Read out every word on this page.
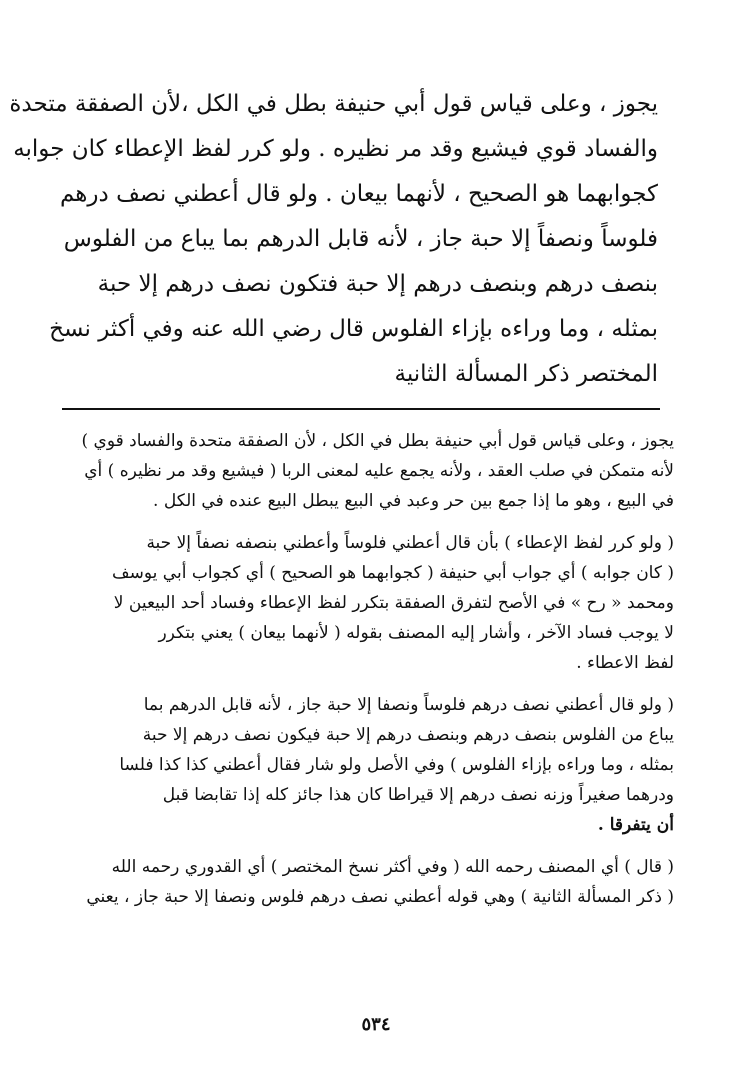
يجوز ، وعلى قياس قول أبي حنيفة بطل في الكل ،لأن الصفقة متحدة
والفساد قوي فيشيع وقد مر نظيره . ولو كرر لفظ الإعطاء كان جوابه
كجوابهما هو الصحيح ، لأنهما بيعان . ولو قال أعطني نصف درهم
فلوساً ونصفاً إلا حبة جاز ، لأنه قابل الدرهم بما يباع من الفلوس
بنصف درهم وبنصف درهم إلا حبة فتكون نصف درهم إلا حبة
بمثله ، وما وراءه بإزاء الفلوس قال رضي الله عنه وفي أكثر نسخ
المختصر ذكر المسألة الثانية
يجوز ، وعلى قياس قول أبي حنيفة بطل في الكل ، لأن الصفقة متحدة والفساد قوي )
لأنه متمكن في صلب العقد ، ولأنه يجمع عليه لمعنى الربا ( فيشيع وقد مر نظيره ) أي
في البيع ، وهو ما إذا جمع بين حر وعبد في البيع يبطل البيع عنده في الكل .
( ولو كرر لفظ الإعطاء ) بأن قال أعطني فلوساً وأعطني بنصفه نصفاً إلا حبة
( كان جوابه ) أي جواب أبي حنيفة ( كجوابهما هو الصحيح ) أي كجواب أبي يوسف
ومحمد « رح » في الأصح لتفرق الصفقة بتكرر لفظ الإعطاء وفساد أحد البيعين لا
لا يوجب فساد الآخر ، وأشار إليه المصنف بقوله ( لأنهما بيعان ) يعني بتكرر
لفظ الاعطاء .
( ولو قال أعطني نصف درهم فلوساً ونصفا إلا حبة جاز ، لأنه قابل الدرهم بما
يباع من الفلوس بنصف درهم وبنصف درهم إلا حبة فيكون نصف درهم إلا حبة
بمثله ، وما وراءه بإزاء الفلوس ) وفي الأصل ولو شار فقال أعطني كذا كذا فلسا
ودرهما صغيراً وزنه نصف درهم إلا قيراطا كان هذا جائز كله إذا تقابضا قبل
أن يتفرقا .
( قال ) أي المصنف رحمه الله ( وفي أكثر نسخ المختصر ) أي القدوري رحمه الله
( ذكر المسألة الثانية ) وهي قوله أعطني نصف درهم فلوس ونصفا إلا حبة جاز ، يعني
٥٣٤
